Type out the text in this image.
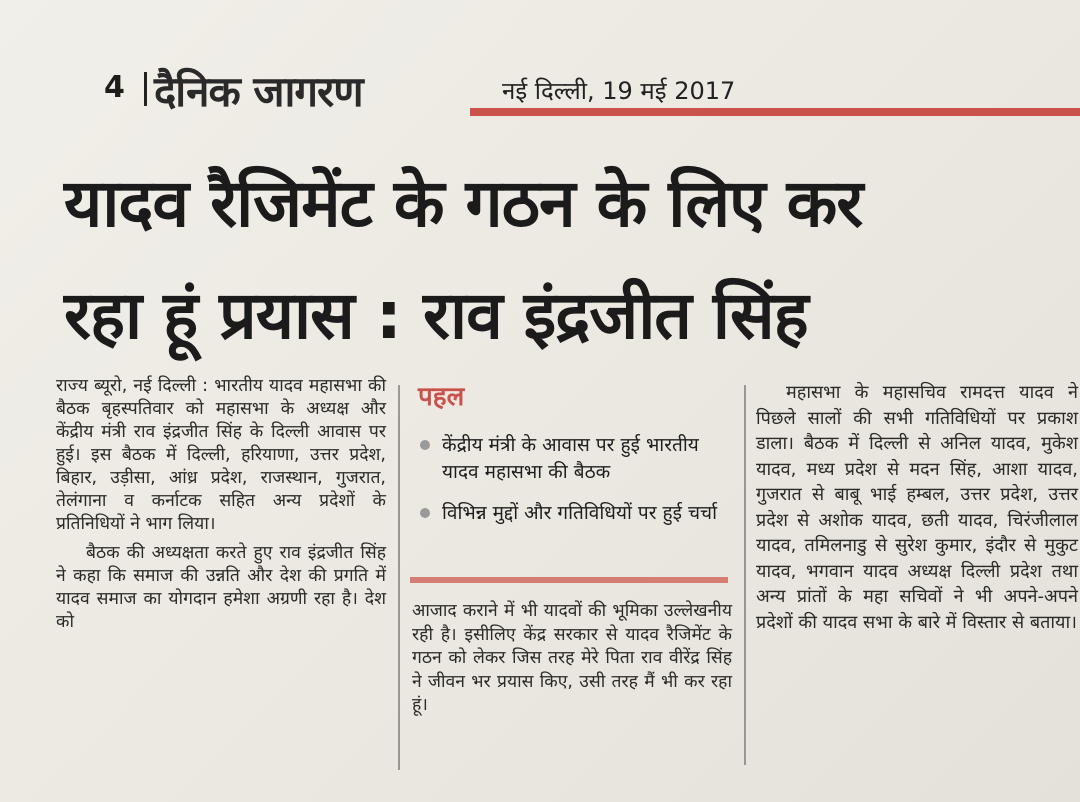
4 दैनिक जागरण	नई दिल्ली, 19 मई 2017
यादव रैजिमेंट के गठन के लिए कर
रहा हूं प्रयास : राव इंद्रजीत सिंह

राज्य ब्यूरो, नई दिल्ली : भारतीय यादव महासभा की बैठक बृहस्पतिवार को महासभा के अध्यक्ष और केंद्रीय मंत्री राव इंद्रजीत सिंह के दिल्ली आवास पर हुई। इस बैठक में दिल्ली, हरियाणा, उत्तर प्रदेश, बिहार, उड़ीसा, आंध्र प्रदेश, राजस्थान, गुजरात, तेलंगाना व कर्नाटक सहित अन्य प्रदेशों के प्रतिनिधियों ने भाग लिया।

बैठक की अध्यक्षता करते हुए राव इंद्रजीत सिंह ने कहा कि समाज की उन्नति और देश की प्रगति में यादव समाज का योगदान हमेशा अग्रणी रहा है। देश को

पहल
केंद्रीय मंत्री के आवास पर हुई भारतीय यादव महासभा की बैठक
विभिन्न मुद्दों और गतिविधियों पर हुई चर्चा

आजाद कराने में भी यादवों की भूमिका उल्लेखनीय रही है। इसीलिए केंद्र सरकार से यादव रैजिमेंट के गठन को लेकर जिस तरह मेरे पिता राव वीरेंद्र सिंह ने जीवन भर प्रयास किए, उसी तरह मैं भी कर रहा हूं।

महासभा के महासचिव रामदत्त यादव ने पिछले सालों की सभी गतिविधियों पर प्रकाश डाला। बैठक में दिल्ली से अनिल यादव, मुकेश यादव, मध्य प्रदेश से मदन सिंह, आशा यादव, गुजरात से बाबू भाई हम्बल, उत्तर प्रदेश, उत्तर प्रदेश से अशोक यादव, छती यादव, चिरंजीलाल यादव, तमिलनाडु से सुरेश कुमार, इंदौर से मुकुट यादव, भगवान यादव अध्यक्ष दिल्ली प्रदेश तथा अन्य प्रांतों के महा सचिवों ने भी अपने-अपने प्रदेशों की यादव सभा के बारे में विस्तार से बताया।
